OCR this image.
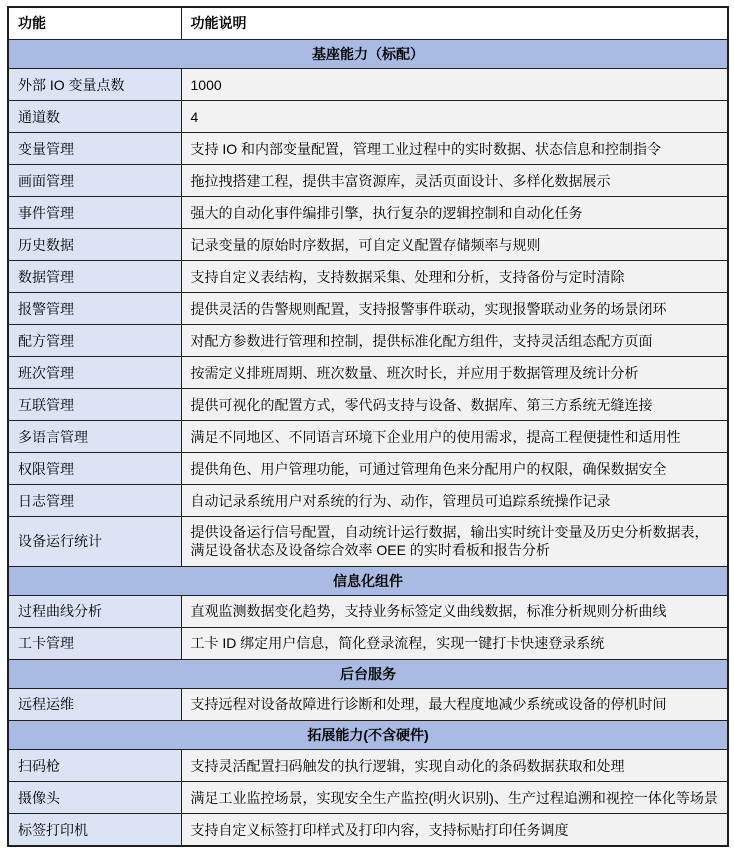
功能	功能说明
基座能力（标配）	
外部 IO 变量点数	1000
通道数	4
变量管理	支持 IO 和内部变量配置，管理工业过程中的实时数据、状态信息和控制指令
画面管理	拖拉拽搭建工程，提供丰富资源库，灵活页面设计、多样化数据展示
事件管理	强大的自动化事件编排引擎，执行复杂的逻辑控制和自动化任务
历史数据	记录变量的原始时序数据，可自定义配置存储频率与规则
数据管理	支持自定义表结构，支持数据采集、处理和分析，支持备份与定时清除
报警管理	提供灵活的告警规则配置，支持报警事件联动，实现报警联动业务的场景闭环
配方管理	对配方参数进行管理和控制，提供标准化配方组件，支持灵活组态配方页面
班次管理	按需定义排班周期、班次数量、班次时长，并应用于数据管理及统计分析
互联管理	提供可视化的配置方式，零代码支持与设备、数据库、第三方系统无缝连接
多语言管理	满足不同地区、不同语言环境下企业用户的使用需求，提高工程便捷性和适用性
权限管理	提供角色、用户管理功能，可通过管理角色来分配用户的权限，确保数据安全
日志管理	自动记录系统用户对系统的行为、动作，管理员可追踪系统操作记录
设备运行统计	提供设备运行信号配置，自动统计运行数据，输出实时统计变量及历史分析数据表，满足设备状态及设备综合效率 OEE 的实时看板和报告分析
信息化组件	
过程曲线分析	直观监测数据变化趋势，支持业务标签定义曲线数据，标准分析规则分析曲线
工卡管理	工卡 ID 绑定用户信息，简化登录流程，实现一键打卡快速登录系统
后台服务	
远程运维	支持远程对设备故障进行诊断和处理，最大程度地减少系统或设备的停机时间
拓展能力(不含硬件)	
扫码枪	支持灵活配置扫码触发的执行逻辑，实现自动化的条码数据获取和处理
摄像头	满足工业监控场景，实现安全生产监控(明火识别)、生产过程追溯和视控一体化等场景
标签打印机	支持自定义标签打印样式及打印内容，支持标贴打印任务调度
